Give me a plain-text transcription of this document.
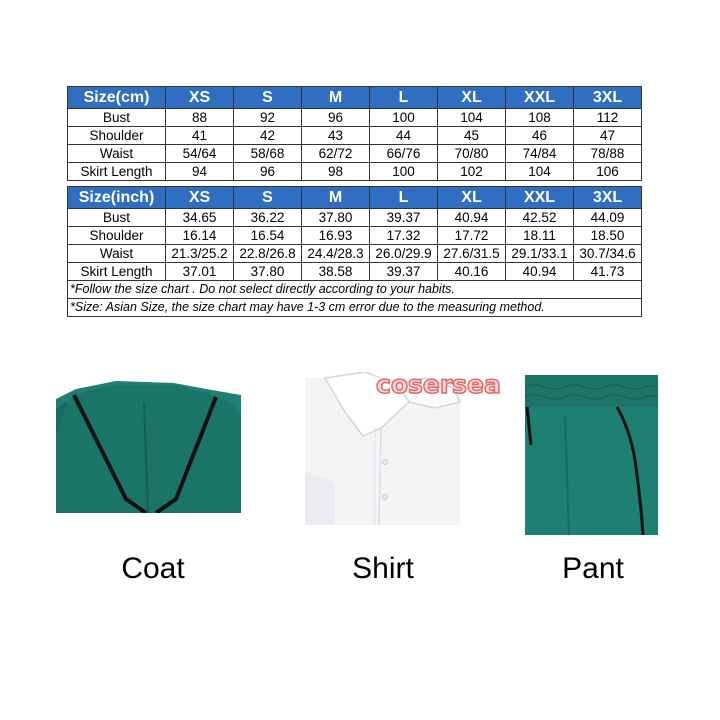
Size(cm)	XS	S	M	L	XL	XXL	3XL
Bust	88	92	96	100	104	108	112
Shoulder	41	42	43	44	45	46	47
Waist	54/64	58/68	62/72	66/76	70/80	74/84	78/88
Skirt Length	94	96	98	100	102	104	106
Size(inch)	XS	S	M	L	XL	XXL	3XL
Bust	34.65	36.22	37.80	39.37	40.94	42.52	44.09
Shoulder	16.14	16.54	16.93	17.32	17.72	18.11	18.50
Waist	21.3/25.2	22.8/26.8	24.4/28.3	26.0/29.9	27.6/31.5	29.1/33.1	30.7/34.6
Skirt Length	37.01	37.80	38.58	39.37	40.16	40.94	41.73
*Follow the size chart . Do not select directly according to your habits.							
*Size: Asian Size, the size chart may have 1-3 cm error due to the measuring method.							
cosersea
Coat	Shirt	Pant
